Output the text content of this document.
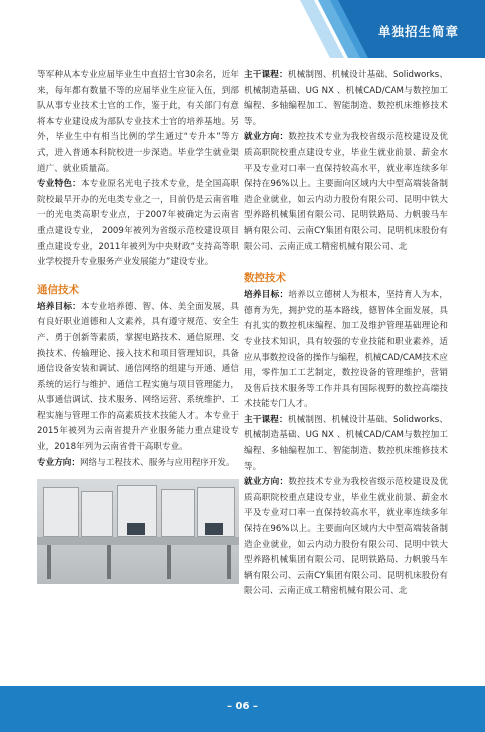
单独招生简章

等军种从本专业应届毕业生中直招士官30余名，近年来，每年都有数量不等的应届毕业生应征入伍，到部队从事专业技术士官的工作，鉴于此，有关部门有意将本专业建设成为部队专业技术士官的培养基地。另外，毕业生中有相当比例的学生通过“专升本”等方式，进入普通本科院校进一步深造。毕业学生就业渠道广、就业质量高。

专业特色：本专业原名光电子技术专业，是全国高职院校最早开办的光电类专业之一，目前仍是云南省唯一的光电类高职专业点，于2007年被确定为云南省重点建设专业， 2009年被列为省级示范校建设项目重点建设专业，2011年被列为中央财政“支持高等职业学校提升专业服务产业发展能力”建设专业。

通信技术

培养目标：本专业培养德、智、体、美全面发展，具有良好职业道德和人文素养，具有遵守规范、安全生产、勇于创新等素质，掌握电路技术、通信原理、交换技术、传输理论、接入技术和项目管理知识，具备通信设备安装和调试、通信网络的组建与开通、通信系统的运行与维护、通信工程实施与项目管理能力，从事通信调试、技术服务、网络运营、系统维护、工程实施与管理工作的高素质技术技能人才。本专业于2015年被列为云南省提升产业服务能力重点建设专业，2018年列为云南省骨干高职专业。

专业方向：网络与工程技术、服务与应用程序开发。

主干课程：机械制图、机械设计基础、Solidworks、机械制造基础、UG NX 、机械CAD/CAM与数控加工编程、多轴编程加工、智能制造、数控机床维修技术等。

就业方向：数控技术专业为我校省级示范校建设及优质高职院校重点建设专业，毕业生就业前景、薪金水平及专业对口率一直保持较高水平，就业率连续多年保持在96%以上。主要面向区域内大中型高端装备制造企业就业，如云内动力股份有限公司、昆明中铁大型养路机械集团有限公司、昆明铁路局、力帆骏马车辆有限公司、云南CY集团有限公司、昆明机床股份有限公司、云南正成工精密机械有限公司、北

数控技术

培养目标：培养以立德树人为根本，坚持育人为本，德育为先，拥护党的基本路线，德智体全面发展，具有扎实的数控机床编程、加工及维护管理基础理论和专业技术知识，具有较强的专业技能和职业素养，适应从事数控设备的操作与编程，机械CAD/CAM技术应用，零件加工工艺制定，数控设备的管理维护，营销及售后技术服务等工作并具有国际视野的数控高端技术技能专门人才。

主干课程：机械制图、机械设计基础、Solidworks、机械制造基础、UG NX 、机械CAD/CAM与数控加工编程、多轴编程加工、智能制造、数控机床维修技术等。

就业方向：数控技术专业为我校省级示范校建设及优质高职院校重点建设专业，毕业生就业前景、薪金水平及专业对口率一直保持较高水平，就业率连续多年保持在96%以上。主要面向区域内大中型高端装备制造企业就业，如云内动力股份有限公司、昆明中铁大型养路机械集团有限公司、昆明铁路局、力帆骏马车辆有限公司、云南CY集团有限公司、昆明机床股份有限公司、云南正成工精密机械有限公司、北

– 06 –
